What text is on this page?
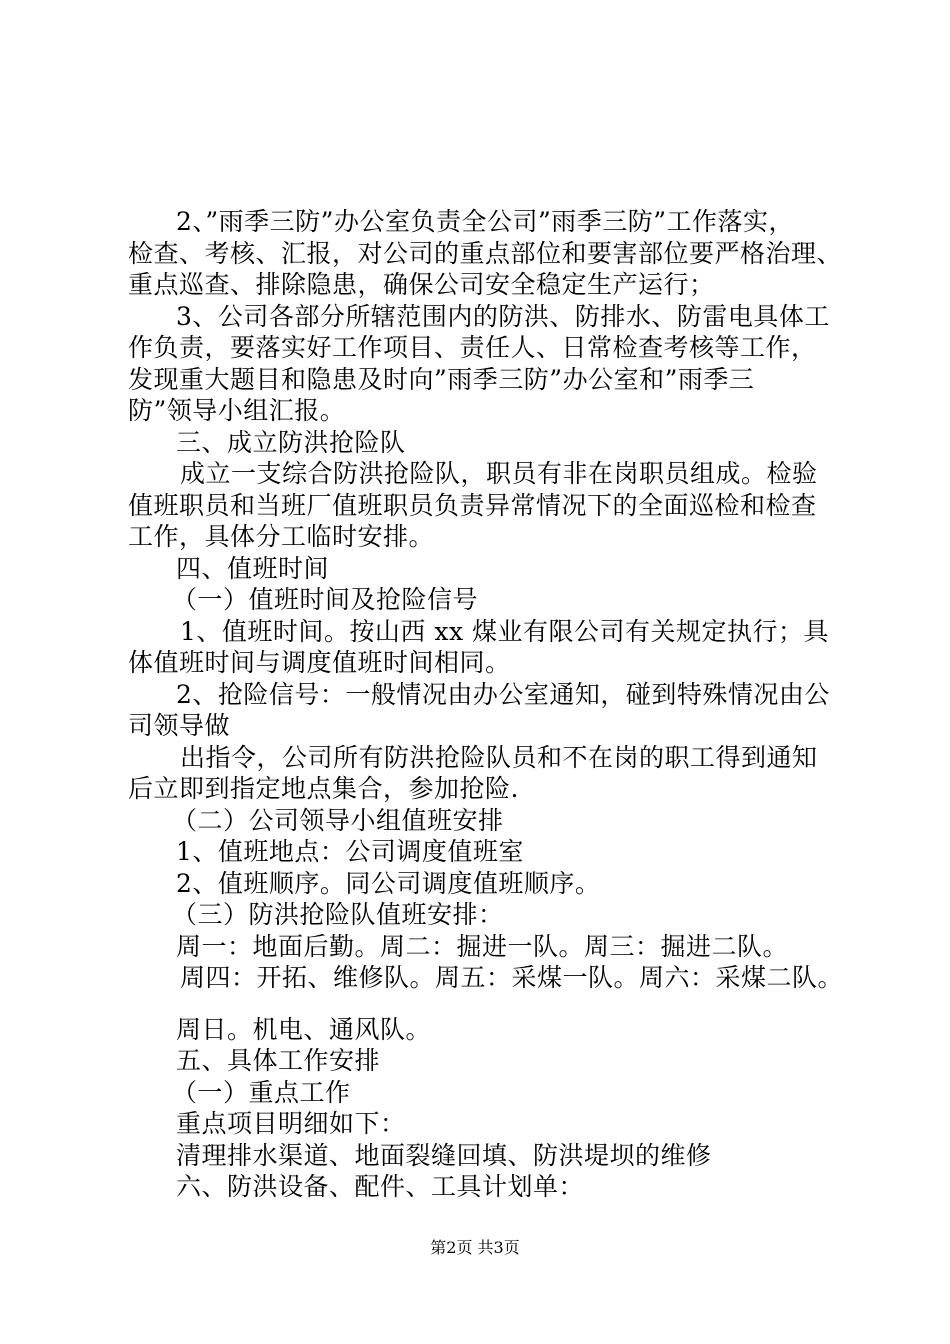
2、”雨季三防”办公室负责全公司”雨季三防”工作落实，
检查、考核、汇报，对公司的重点部位和要害部位要严格治理、
重点巡查、排除隐患，确保公司安全稳定生产运行；
3、公司各部分所辖范围内的防洪、防排水、防雷电具体工
作负责，要落实好工作项目、责任人、日常检查考核等工作，
发现重大题目和隐患及时向”雨季三防”办公室和”雨季三
防”领导小组汇报。
三、成立防洪抢险队
成立一支综合防洪抢险队，职员有非在岗职员组成。检验
值班职员和当班厂值班职员负责异常情况下的全面巡检和检查
工作，具体分工临时安排。
四、值班时间
（一）值班时间及抢险信号
1、值班时间。按山西 xx 煤业有限公司有关规定执行；具
体值班时间与调度值班时间相同。
2、抢险信号：一般情况由办公室通知，碰到特殊情况由公
司领导做
出指令，公司所有防洪抢险队员和不在岗的职工得到通知
后立即到指定地点集合，参加抢险.
（二）公司领导小组值班安排
1、值班地点：公司调度值班室
2、值班顺序。同公司调度值班顺序。
（三）防洪抢险队值班安排：
周一：地面后勤。周二：掘进一队。周三：掘进二队。
周四：开拓、维修队。周五：采煤一队。周六：采煤二队。
周日。机电、通风队。
五、具体工作安排
（一）重点工作
重点项目明细如下：
清理排水渠道、地面裂缝回填、防洪堤坝的维修
六、防洪设备、配件、工具计划单：
第2页 共3页
